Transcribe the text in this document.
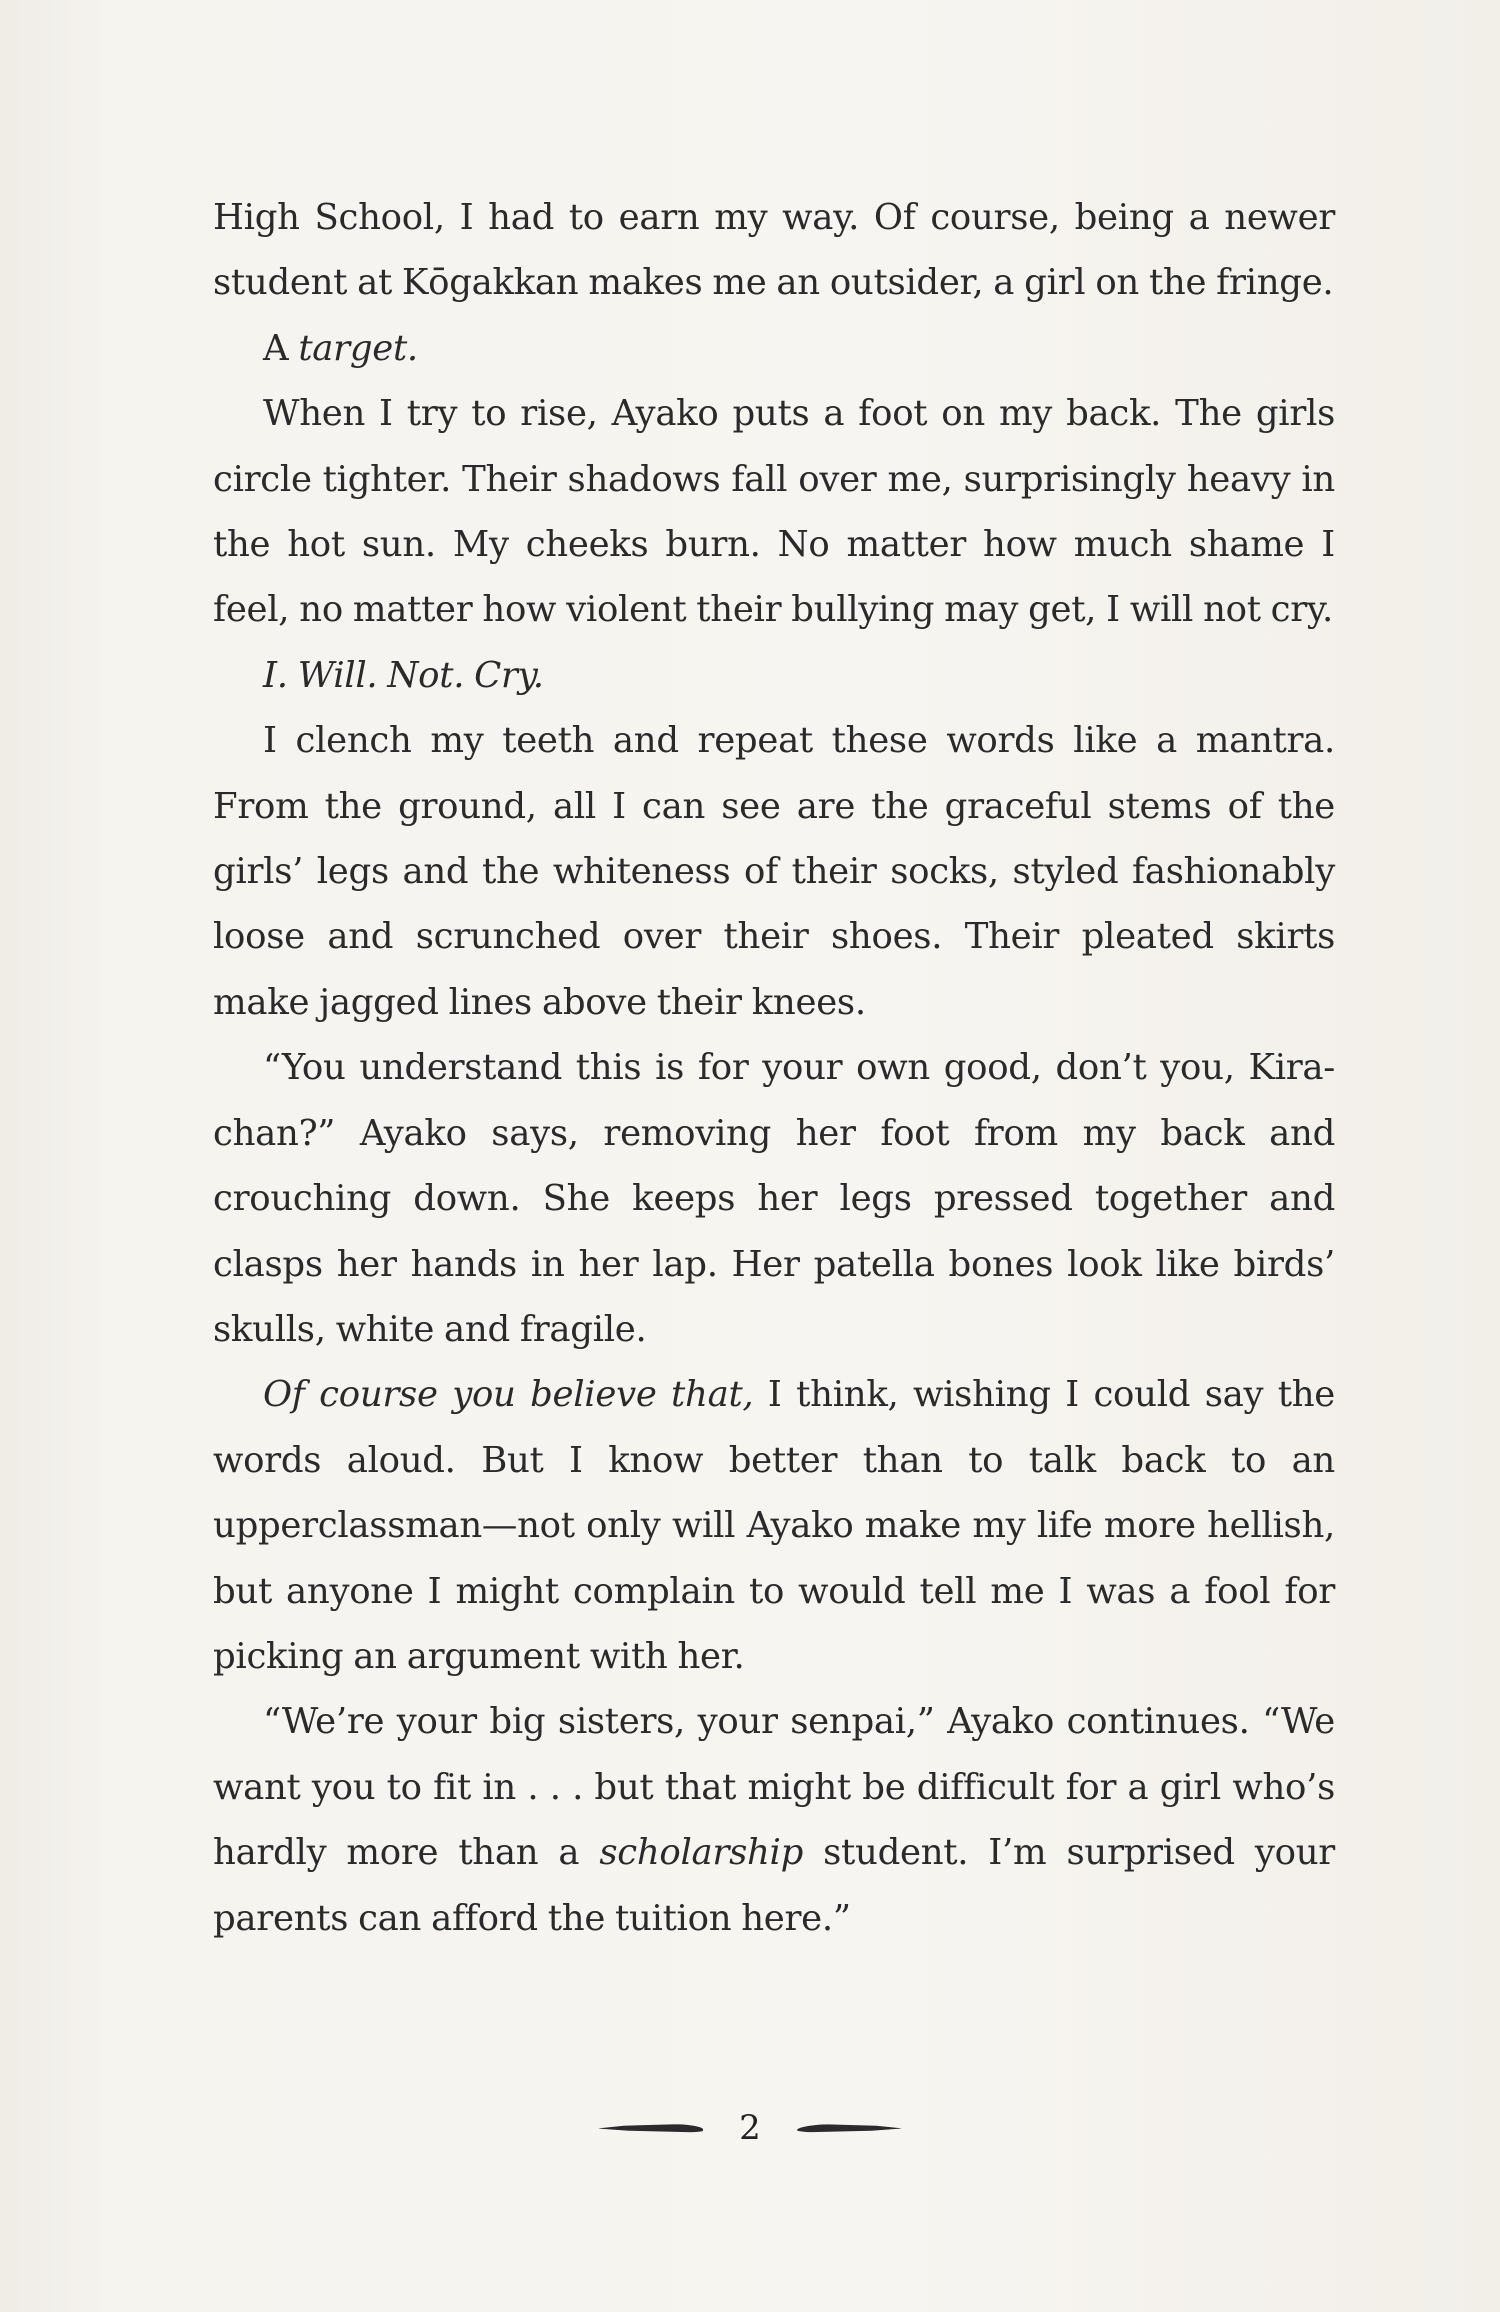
High School, I had to earn my way. Of course, being a newer student at Kōgakkan makes me an outsider, a girl on the fringe.

A target.

When I try to rise, Ayako puts a foot on my back. The girls circle tighter. Their shadows fall over me, surprisingly heavy in the hot sun. My cheeks burn. No matter how much shame I feel, no matter how violent their bullying may get, I will not cry.

I. Will. Not. Cry.

I clench my teeth and repeat these words like a mantra. From the ground, all I can see are the graceful stems of the girls’ legs and the whiteness of their socks, styled fashionably loose and scrunched over their shoes. Their pleated skirts make jagged lines above their knees.

“You understand this is for your own good, don’t you, Kira-chan?” Ayako says, removing her foot from my back and crouching down. She keeps her legs pressed together and clasps her hands in her lap. Her patella bones look like birds’ skulls, white and fragile.

Of course you believe that, I think, wishing I could say the words aloud. But I know better than to talk back to an upperclassman—not only will Ayako make my life more hellish, but anyone I might complain to would tell me I was a fool for picking an argument with her.

“We’re your big sisters, your senpai,” Ayako continues. “We want you to fit in . . . but that might be difficult for a girl who’s hardly more than a scholarship student. I’m surprised your parents can afford the tuition here.”

2
